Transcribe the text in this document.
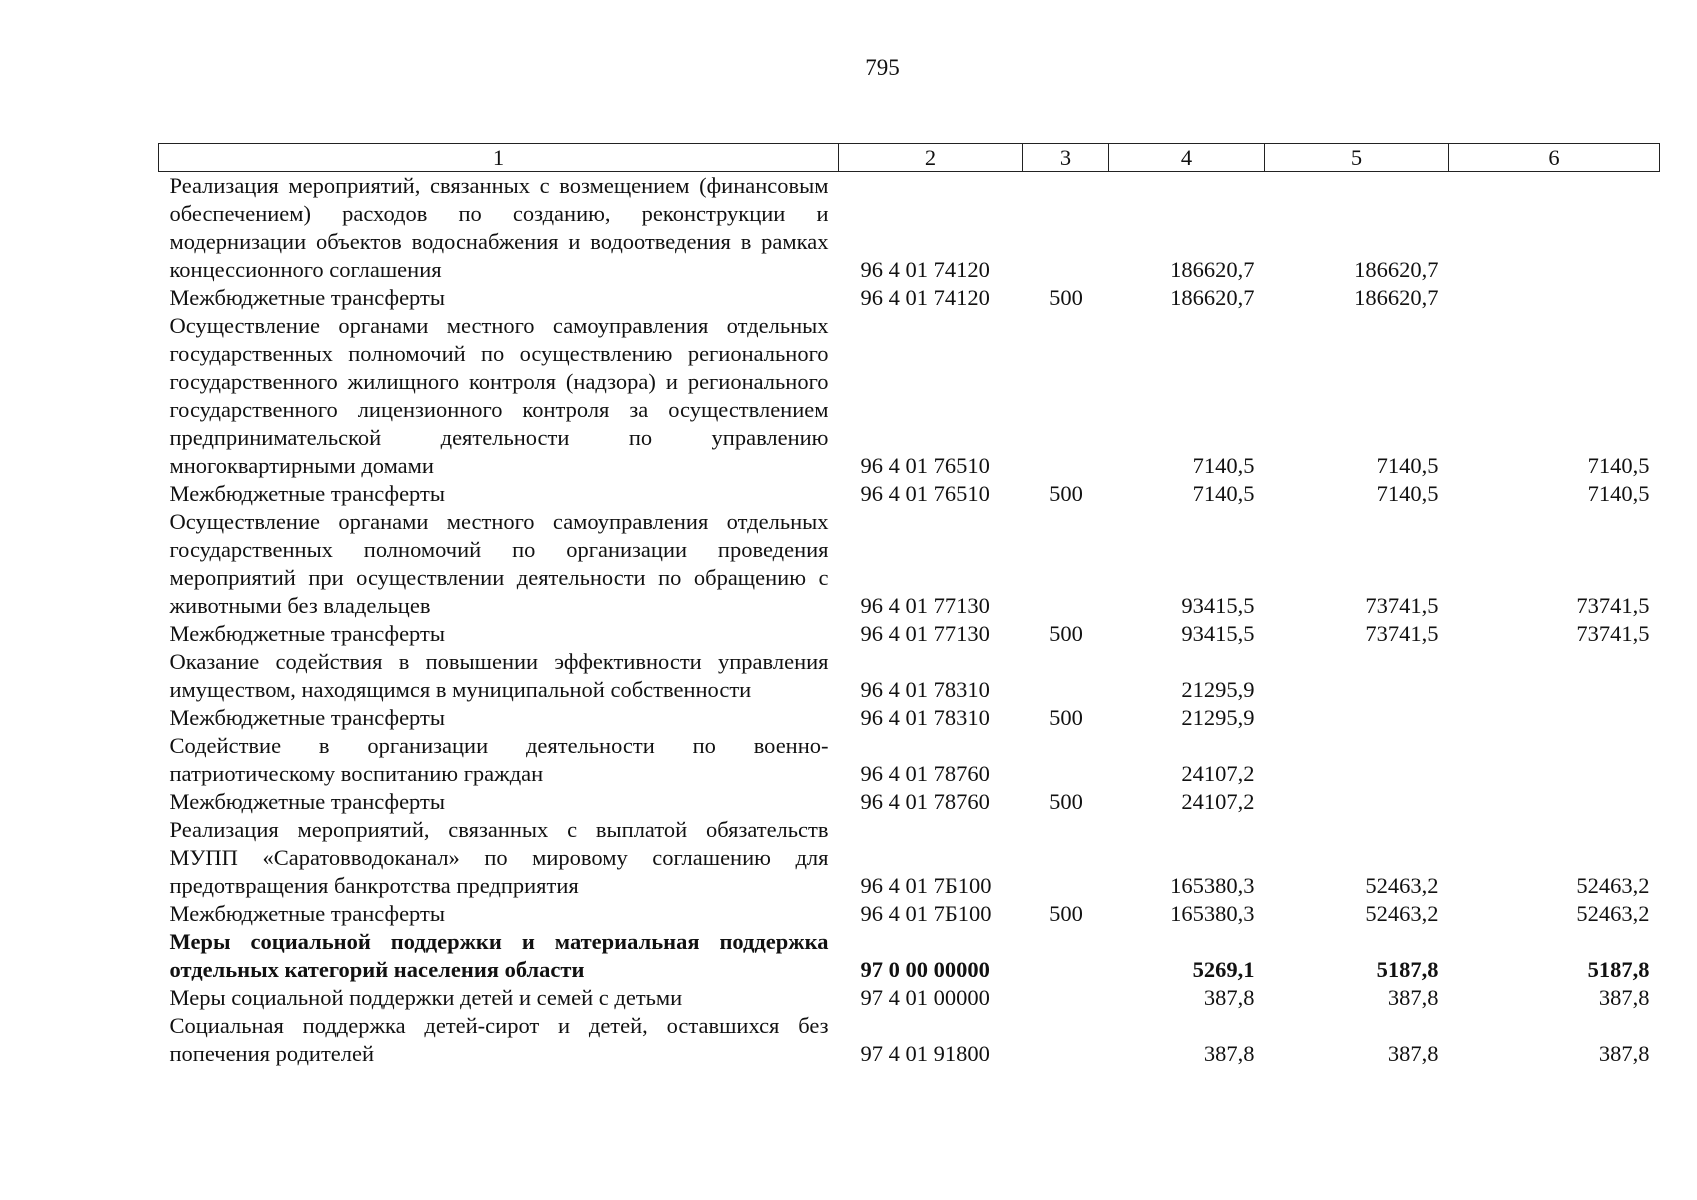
795
1	2	3	4	5	6
Реализация мероприятий, связанных с возмещением (финансовым обеспечением) расходов по созданию, реконструкции и модернизации объектов водоснабжения и водоотведения в рамках концессионного соглашения	96 4 01 74120		186620,7	186620,7	
Межбюджетные трансферты	96 4 01 74120	500	186620,7	186620,7	
Осуществление органами местного самоуправления отдельных государственных полномочий по осуществлению регионального государственного жилищного контроля (надзора) и регионального государственного лицензионного контроля за осуществлением предпринимательской деятельности по управлению многоквартирными домами	96 4 01 76510		7140,5	7140,5	7140,5
Межбюджетные трансферты	96 4 01 76510	500	7140,5	7140,5	7140,5
Осуществление органами местного самоуправления отдельных государственных полномочий по организации проведения мероприятий при осуществлении деятельности по обращению с животными без владельцев	96 4 01 77130		93415,5	73741,5	73741,5
Межбюджетные трансферты	96 4 01 77130	500	93415,5	73741,5	73741,5
Оказание содействия в повышении эффективности управления имуществом, находящимся в муниципальной собственности	96 4 01 78310		21295,9		
Межбюджетные трансферты	96 4 01 78310	500	21295,9		
Содействие в организации деятельности по военно-патриотическому воспитанию граждан	96 4 01 78760		24107,2		
Межбюджетные трансферты	96 4 01 78760	500	24107,2		
Реализация мероприятий, связанных с выплатой обязательств МУПП «Саратовводоканал» по мировому соглашению для предотвращения банкротства предприятия	96 4 01 7Б100		165380,3	52463,2	52463,2
Межбюджетные трансферты	96 4 01 7Б100	500	165380,3	52463,2	52463,2
Меры социальной поддержки и материальная поддержка отдельных категорий населения области	97 0 00 00000		5269,1	5187,8	5187,8
Меры социальной поддержки детей и семей с детьми	97 4 01 00000		387,8	387,8	387,8
Социальная поддержка детей-сирот и детей, оставшихся без попечения родителей	97 4 01 91800		387,8	387,8	387,8
